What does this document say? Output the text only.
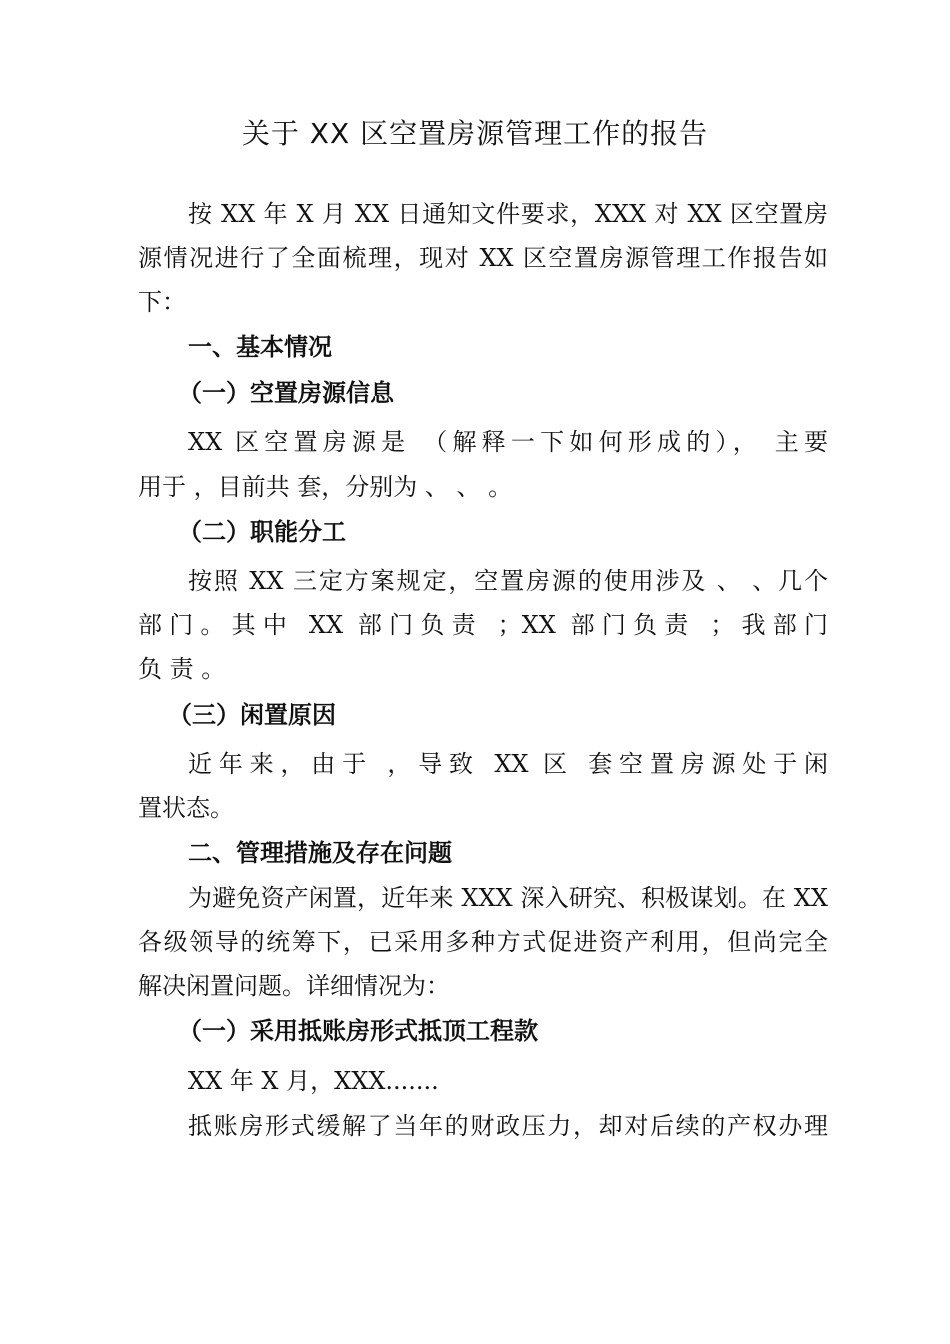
关于 XX 区空置房源管理工作的报告
按 XX 年 X 月 XX 日通知文件要求，XXX 对 XX 区空置房
源情况进行了全面梳理，现对 XX 区空置房源管理工作报告如
下：
一、基本情况
（一）空置房源信息
XX 区空置房源是 （解释一下如何形成的）， 主要
用于 ，目前共 套，分别为 、 、 。
（二）职能分工
按照 XX 三定方案规定，空置房源的使用涉及 、 、几个
部门。其中 XX 部门负责 ；XX 部门负责 ；我部门
负 责 。
（三）闲置原因
近年来，由于 ，导致 XX 区 套空置房源处于闲
置状态。
二、管理措施及存在问题
为避免资产闲置，近年来 XXX 深入研究、积极谋划。在 XX
各级领导的统筹下，已采用多种方式促进资产利用，但尚完全
解决闲置问题。详细情况为：
（一）采用抵账房形式抵顶工程款
XX 年 X 月，XXX.......
抵账房形式缓解了当年的财政压力，却对后续的产权办理
